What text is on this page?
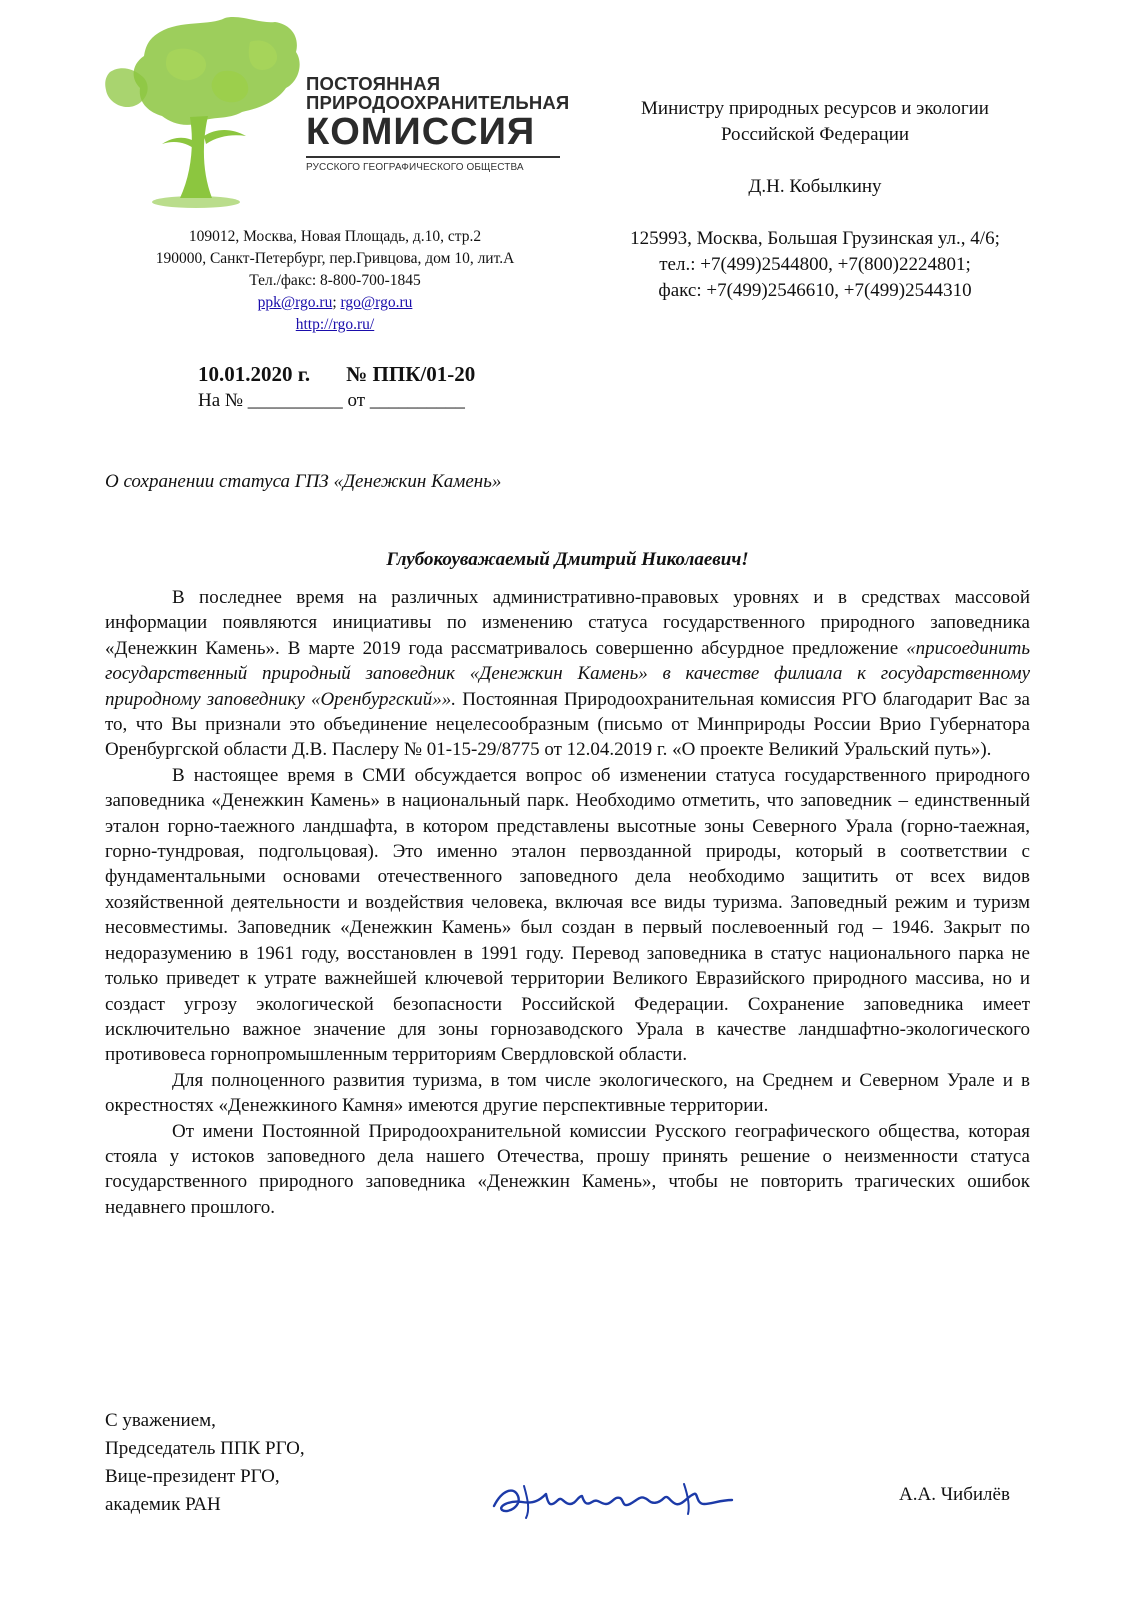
ПОСТОЯННАЯ
ПРИРОДООХРАНИТЕЛЬНАЯ
КОМИССИЯ
РУССКОГО ГЕОГРАФИЧЕСКОГО ОБЩЕСТВА
109012, Москва, Новая Площадь, д.10, стр.2
190000, Санкт-Петербург, пер.Гривцова, дом 10, лит.А
Тел./факс: 8-800-700-1845
ppk@rgo.ru; rgo@rgo.ru
http://rgo.ru/
Министру природных ресурсов и экологии
Российской Федерации
Д.Н. Кобылкину
125993, Москва, Большая Грузинская ул., 4/6;
тел.: +7(499)2544800, +7(800)2224801;
факс: +7(499)2546610, +7(499)2544310
10.01.2020 г. № ППК/01-20
На № __________ от __________
О сохранении статуса ГПЗ «Денежкин Камень»
Глубокоуважаемый Дмитрий Николаевич!

В последнее время на различных административно-правовых уровнях и в средствах массовой информации появляются инициативы по изменению статуса государственного природного заповедника «Денежкин Камень». В марте 2019 года рассматривалось совершенно абсурдное предложение «присоединить государственный природный заповедник «Денежкин Камень» в качестве филиала к государственному природному заповеднику «Оренбургский»». Постоянная Природоохранительная комиссия РГО благодарит Вас за то, что Вы признали это объединение нецелесообразным (письмо от Минприроды России Врио Губернатора Оренбургской области Д.В. Паслеру № 01-15-29/8775 от 12.04.2019 г. «О проекте Великий Уральский путь»).

В настоящее время в СМИ обсуждается вопрос об изменении статуса государственного природного заповедника «Денежкин Камень» в национальный парк. Необходимо отметить, что заповедник – единственный эталон горно-таежного ландшафта, в котором представлены высотные зоны Северного Урала (горно-таежная, горно-тундровая, подгольцовая). Это именно эталон первозданной природы, который в соответствии с фундаментальными основами отечественного заповедного дела необходимо защитить от всех видов хозяйственной деятельности и воздействия человека, включая все виды туризма. Заповедный режим и туризм несовместимы. Заповедник «Денежкин Камень» был создан в первый послевоенный год – 1946. Закрыт по недоразумению в 1961 году, восстановлен в 1991 году. Перевод заповедника в статус национального парка не только приведет к утрате важнейшей ключевой территории Великого Евразийского природного массива, но и создаст угрозу экологической безопасности Российской Федерации. Сохранение заповедника имеет исключительно важное значение для зоны горнозаводского Урала в качестве ландшафтно-экологического противовеса горнопромышленным территориям Свердловской области.

Для полноценного развития туризма, в том числе экологического, на Среднем и Северном Урале и в окрестностях «Денежкиного Камня» имеются другие перспективные территории.

От имени Постоянной Природоохранительной комиссии Русского географического общества, которая стояла у истоков заповедного дела нашего Отечества, прошу принять решение о неизменности статуса государственного природного заповедника «Денежкин Камень», чтобы не повторить трагических ошибок недавнего прошлого.

С уважением,
Председатель ППК РГО,
Вице-президент РГО,
академик РАН	А.А. Чибилёв
